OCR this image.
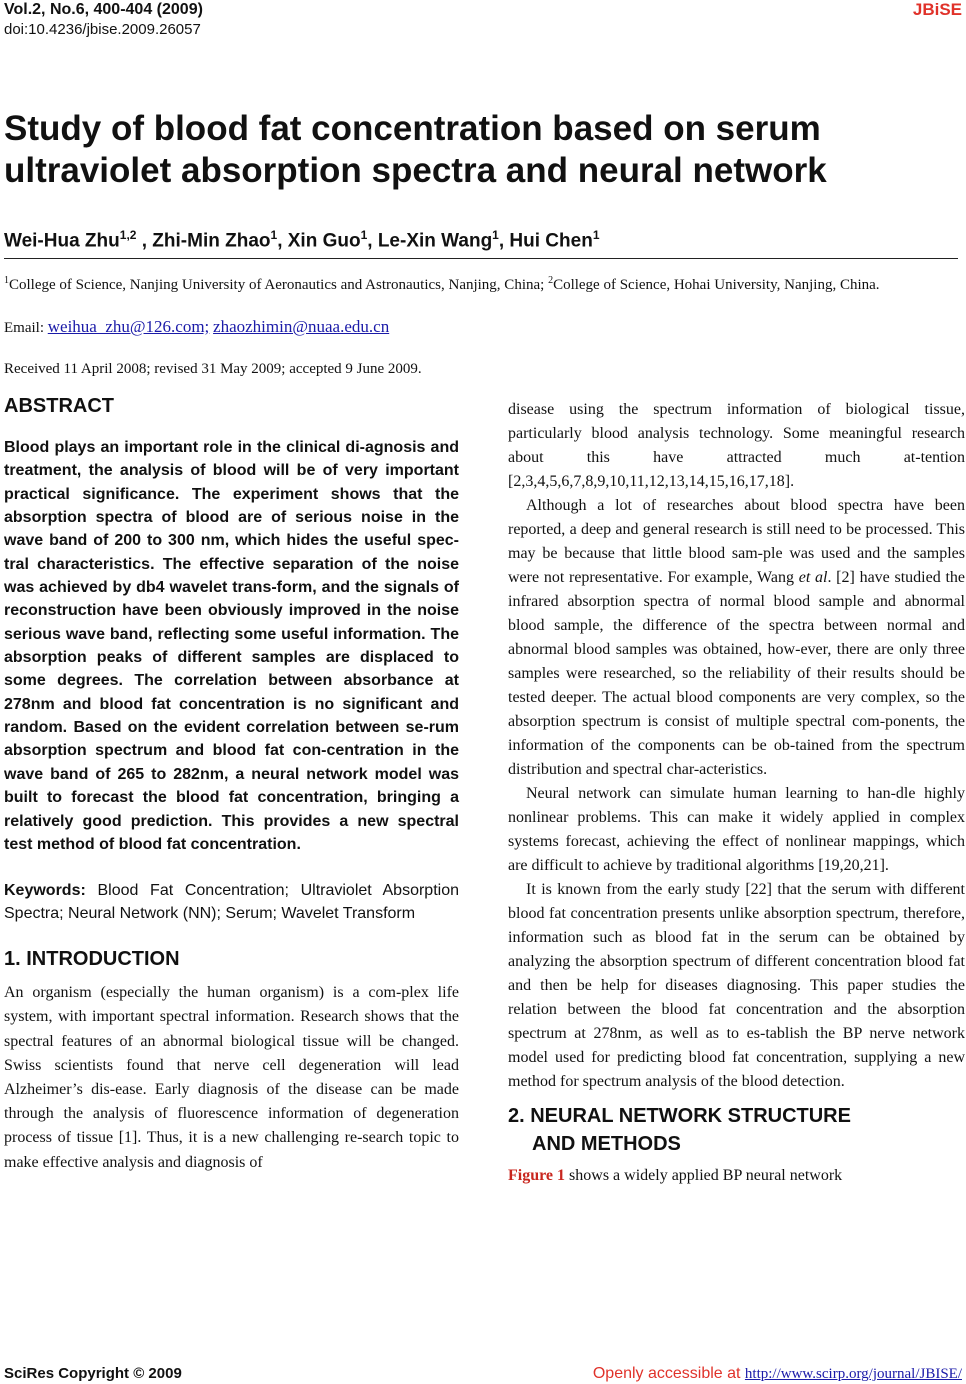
Vol.2, No.6, 400-404 (2009)

doi:10.4236/jbise.2009.26057

JBiSE
Study of blood fat concentration based on serum
ultraviolet absorption spectra and neural network

Wei-Hua Zhu$^{1,2}$ , Zhi-Min Zhao$^1$, Xin Guo$^1$, Le-Xin Wang$^1$, Hui Chen$^1$

$^1$College of Science, Nanjing University of Aeronautics and Astronautics, Nanjing, China; $^2$College of Science, Hohai University, Nanjing, China.

Email: weihua_zhu@126.com; zhaozhimin@nuaa.edu.cn

Received 11 April 2008; revised 31 May 2009; accepted 9 June 2009.

ABSTRACT

Blood plays an important role in the clinical di-agnosis and treatment, the analysis of blood will be of very important practical significance. The experiment shows that the absorption spectra of blood are of serious noise in the wave band of 200 to 300 nm, which hides the useful spec-tral characteristics. The effective separation of the noise was achieved by db4 wavelet trans-form, and the signals of reconstruction have been obviously improved in the noise serious wave band, reflecting some useful information. The absorption peaks of different samples are displaced to some degrees. The correlation between absorbance at 278nm and blood fat concentration is no significant and random. Based on the evident correlation between se-rum absorption spectrum and blood fat con-centration in the wave band of 265 to 282nm, a neural network model was built to forecast the blood fat concentration, bringing a relatively good prediction. This provides a new spectral test method of blood fat concentration.

Keywords: Blood Fat Concentration; Ultraviolet Absorption Spectra; Neural Network (NN); Serum; Wavelet Transform

1. INTRODUCTION

An organism (especially the human organism) is a com-plex life system, with important spectral information. Research shows that the spectral features of an abnormal biological tissue will be changed. Swiss scientists found that nerve cell degeneration will lead Alzheimer’s dis-ease. Early diagnosis of the disease can be made through the analysis of fluorescence information of degeneration process of tissue [1]. Thus, it is a new challenging re-search topic to make effective analysis and diagnosis of

disease using the spectrum information of biological tissue, particularly blood analysis technology. Some meaningful research about this have attracted much at-tention [2,3,4,5,6,7,8,9,10,11,12,13,14,15,16,17,18].

Although a lot of researches about blood spectra have been reported, a deep and general research is still need to be processed. This may be because that little blood sam-ple was used and the samples were not representative. For example, Wang et al. [2] have studied the infrared absorption spectra of normal blood sample and abnormal blood sample, the difference of the spectra between normal and abnormal blood samples was obtained, how-ever, there are only three samples were researched, so the reliability of their results should be tested deeper. The actual blood components are very complex, so the absorption spectrum is consist of multiple spectral com-ponents, the information of the components can be ob-tained from the spectrum distribution and spectral char-acteristics.

Neural network can simulate human learning to han-dle highly nonlinear problems. This can make it widely applied in complex systems forecast, achieving the effect of nonlinear mappings, which are difficult to achieve by traditional algorithms [19,20,21].

It is known from the early study [22] that the serum with different blood fat concentration presents unlike absorption spectrum, therefore, information such as blood fat in the serum can be obtained by analyzing the absorption spectrum of different concentration blood fat and then be help for diseases diagnosing. This paper studies the relation between the blood fat concentration and the absorption spectrum at 278nm, as well as to es-tablish the BP nerve network model used for predicting blood fat concentration, supplying a new method for spectrum analysis of the blood detection.

2. NEURAL NETWORK STRUCTURE
AND METHODS

Figure 1 shows a widely applied BP neural network

SciRes Copyright © 2009	Openly accessible at http://www.scirp.org/journal/JBISE/
